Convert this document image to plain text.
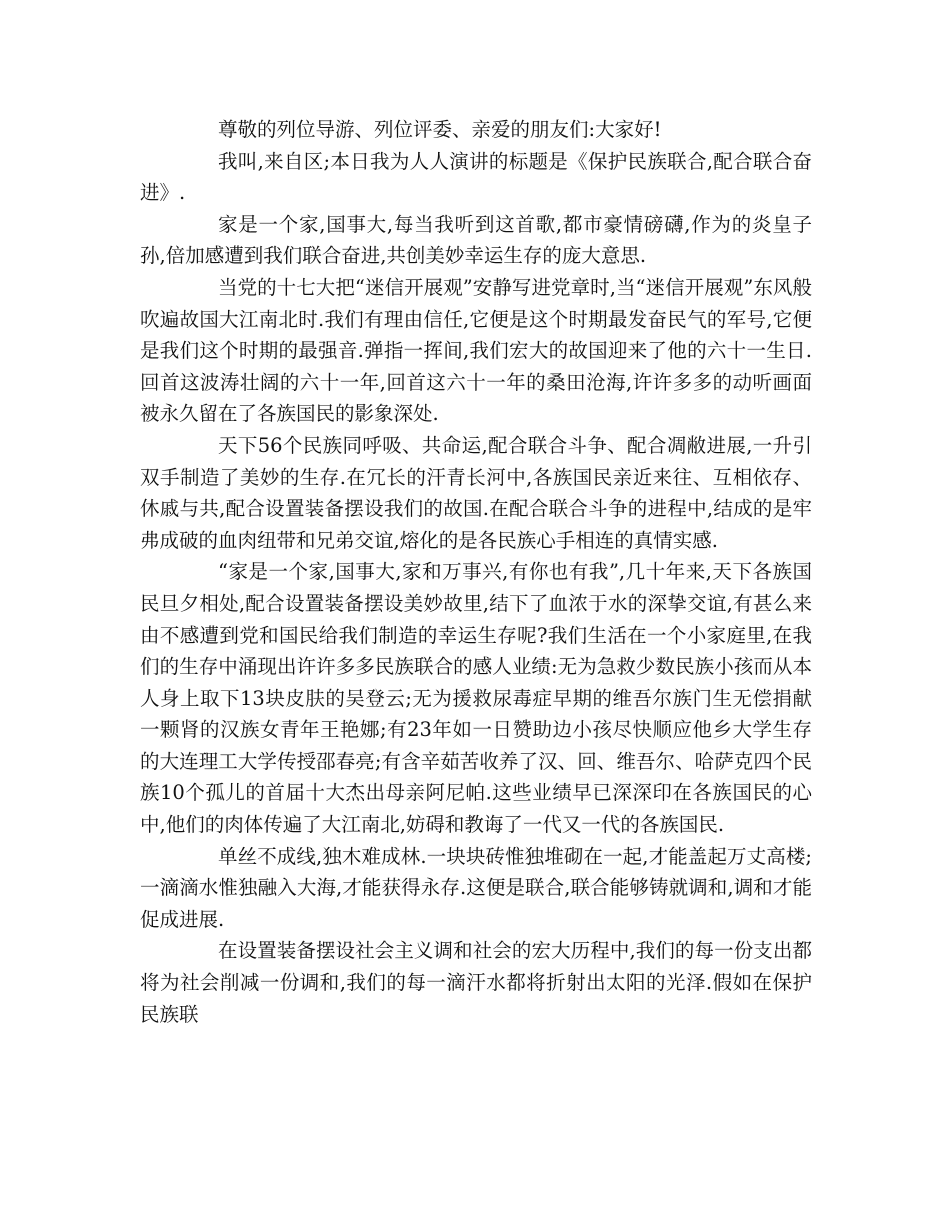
尊敬的列位导游、列位评委、亲爱的朋友们:大家好!

我叫,来自区;本日我为人人演讲的标题是《保护民族联合,配合联合奋进》.

家是一个家,国事大,每当我听到这首歌,都市豪情磅礴,作为的炎皇子孙,倍加感遭到我们联合奋进,共创美妙幸运生存的庞大意思.

当党的十七大把“迷信开展观”安静写进党章时,当“迷信开展观”东风般吹遍故国大江南北时.我们有理由信任,它便是这个时期最发奋民气的军号,它便是我们这个时期的最强音.弹指一挥间,我们宏大的故国迎来了他的六十一生日.回首这波涛壮阔的六十一年,回首这六十一年的桑田沧海,许许多多的动听画面被永久留在了各族国民的影象深处.

天下56个民族同呼吸、共命运,配合联合斗争、配合凋敝进展,一升引双手制造了美妙的生存.在冗长的汗青长河中,各族国民亲近来往、互相依存、休戚与共,配合设置装备摆设我们的故国.在配合联合斗争的进程中,结成的是牢弗成破的血肉纽带和兄弟交谊,熔化的是各民族心手相连的真情实感.

“家是一个家,国事大,家和万事兴,有你也有我”,几十年来,天下各族国民旦夕相处,配合设置装备摆设美妙故里,结下了血浓于水的深挚交谊,有甚么来由不感遭到党和国民给我们制造的幸运生存呢?我们生活在一个小家庭里,在我们的生存中涌现出许许多多民族联合的感人业绩:无为急救少数民族小孩而从本人身上取下13块皮肤的吴登云;无为援救尿毒症早期的维吾尔族门生无偿捐献一颗肾的汉族女青年王艳娜;有23年如一日赞助边小孩尽快顺应他乡大学生存的大连理工大学传授邵春亮;有含辛茹苦收养了汉、回、维吾尔、哈萨克四个民族10个孤儿的首届十大杰出母亲阿尼帕.这些业绩早已深深印在各族国民的心中,他们的肉体传遍了大江南北,妨碍和教诲了一代又一代的各族国民.

单丝不成线,独木难成林.一块块砖惟独堆砌在一起,才能盖起万丈高楼;一滴滴水惟独融入大海,才能获得永存.这便是联合,联合能够铸就调和,调和才能促成进展.

在设置装备摆设社会主义调和社会的宏大历程中,我们的每一份支出都将为社会削减一份调和,我们的每一滴汗水都将折射出太阳的光泽.假如在保护民族联
